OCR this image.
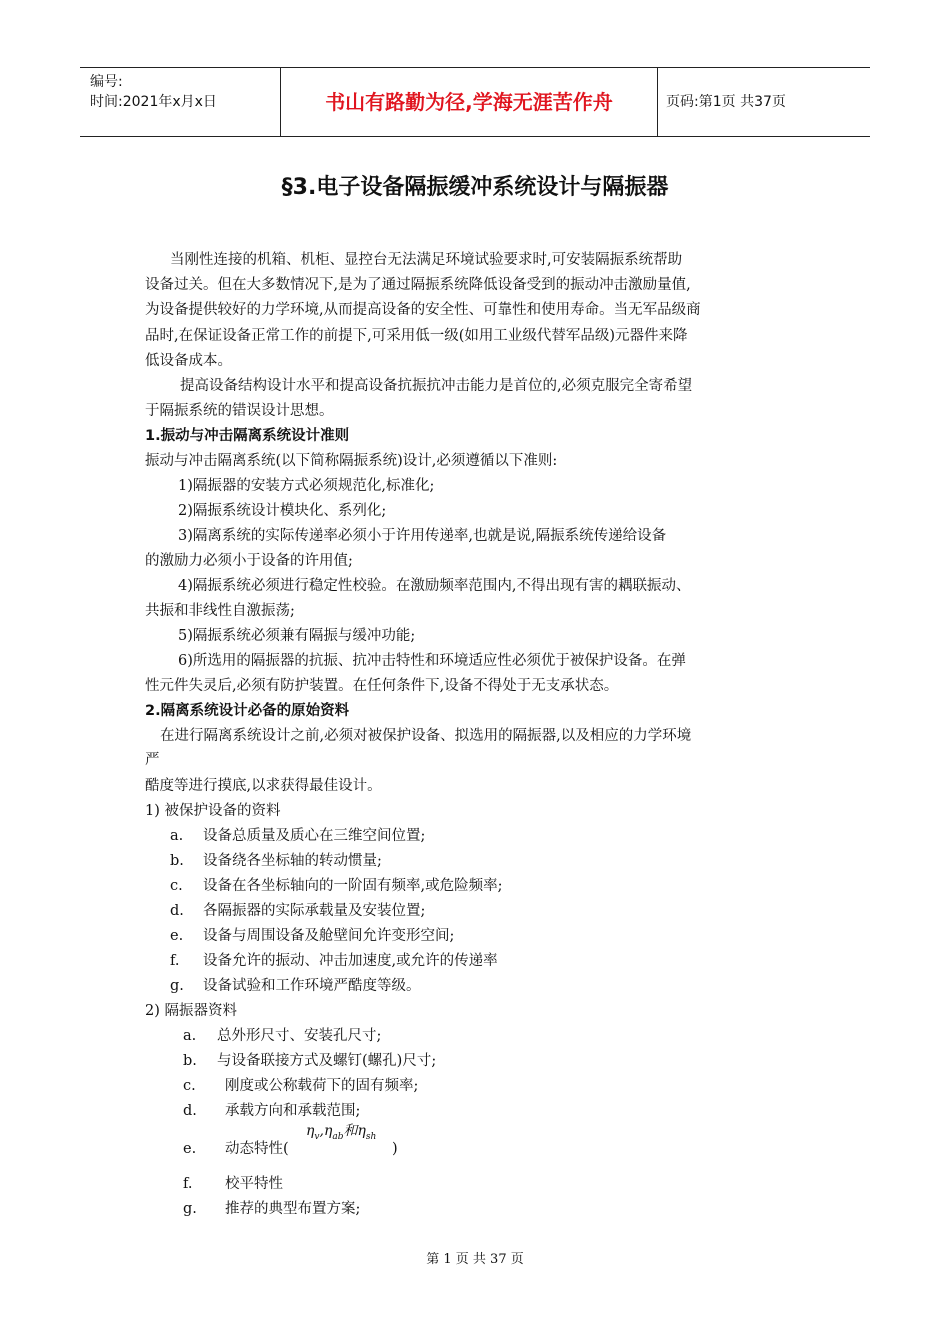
编号:
时间:2021年x月x日	书山有路勤为径,学海无涯苦作舟	页码:第1页 共37页
§3.电子设备隔振缓冲系统设计与隔振器
当刚性连接的机箱、机柜、显控台无法满足环境试验要求时,可安装隔振系统帮助
设备过关。但在大多数情况下,是为了通过隔振系统降低设备受到的振动冲击激励量值,
为设备提供较好的力学环境,从而提高设备的安全性、可靠性和使用寿命。当无军品级商
品时,在保证设备正常工作的前提下,可采用低一级(如用工业级代替军品级)元器件来降
低设备成本。
提高设备结构设计水平和提高设备抗振抗冲击能力是首位的,必须克服完全寄希望
于隔振系统的错误设计思想。
1.振动与冲击隔离系统设计准则
振动与冲击隔离系统(以下简称隔振系统)设计,必须遵循以下准则:
1)隔振器的安装方式必须规范化,标准化;
2)隔振系统设计模块化、系列化;
3)隔离系统的实际传递率必须小于许用传递率,也就是说,隔振系统传递给设备
的激励力必须小于设备的许用值;
4)隔振系统必须进行稳定性校验。在激励频率范围内,不得出现有害的耦联振动、
共振和非线性自激振荡;
5)隔振系统必须兼有隔振与缓冲功能;
6)所选用的隔振器的抗振、抗冲击特性和环境适应性必须优于被保护设备。在弹
性元件失灵后,必须有防护装置。在任何条件下,设备不得处于无支承状态。
2.隔离系统设计必备的原始资料
在进行隔离系统设计之前,必须对被保护设备、拟选用的隔振器,以及相应的力学环境
严
酷度等进行摸底,以求获得最佳设计。
1) 被保护设备的资料
a. 设备总质量及质心在三维空间位置;
b. 设备绕各坐标轴的转动惯量;
c. 设备在各坐标轴向的一阶固有频率,或危险频率;
d. 各隔振器的实际承载量及安装位置;
e. 设备与周围设备及舱壁间允许变形空间;
f. 设备允许的振动、冲击加速度,或允许的传递率
g. 设备试验和工作环境严酷度等级。
2) 隔振器资料
a. 总外形尺寸、安装孔尺寸;
b. 与设备联接方式及螺钉(螺孔)尺寸;
c. 刚度或公称载荷下的固有频率;
d. 承载方向和承载范围;
e. 动态特性(
$\eta_v,\eta_{ab}$和$\eta_{sh}$
)
f. 校平特性
g. 推荐的典型布置方案;
第 1 页 共 37 页
